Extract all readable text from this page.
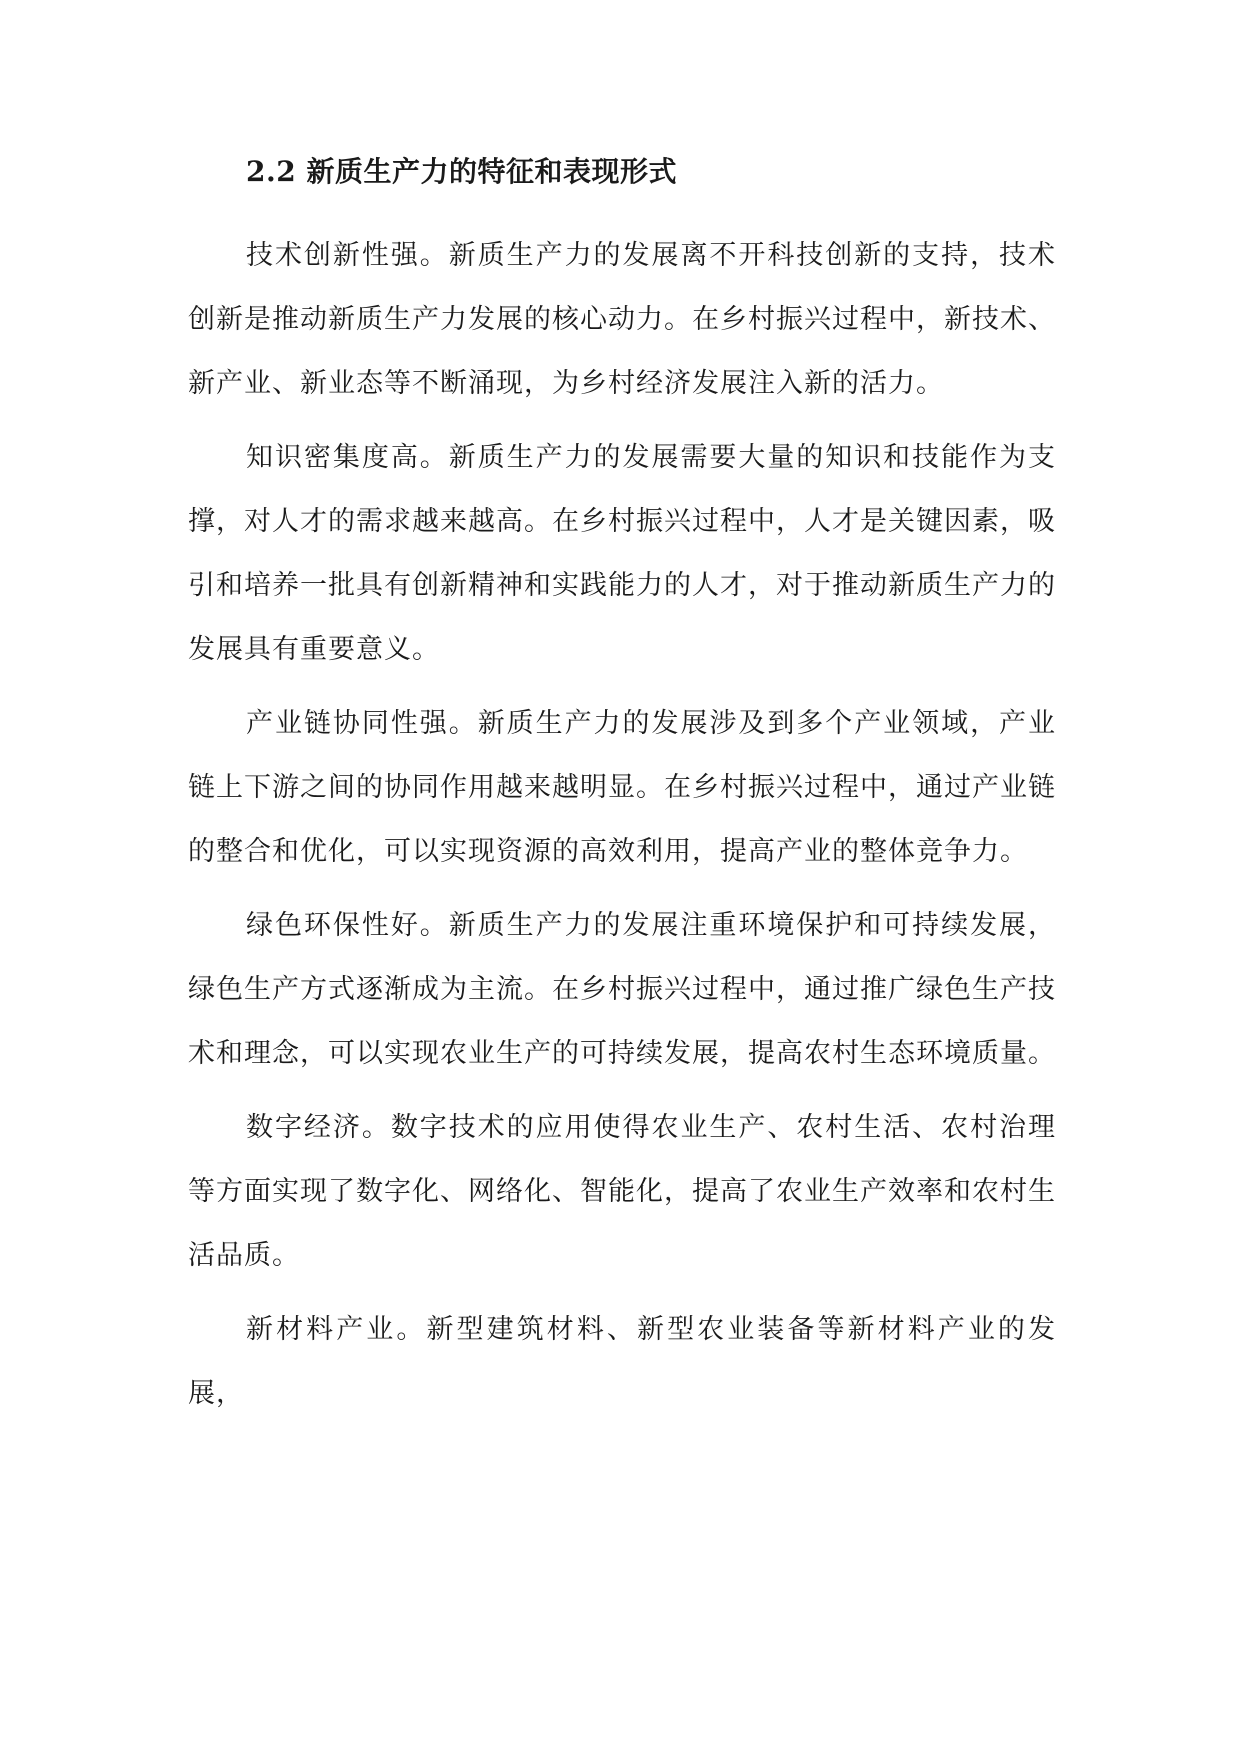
2.2 新质生产力的特征和表现形式

技术创新性强。新质生产力的发展离不开科技创新的支持，技术创新是推动新质生产力发展的核心动力。在乡村振兴过程中，新技术、新产业、新业态等不断涌现，为乡村经济发展注入新的活力。

知识密集度高。新质生产力的发展需要大量的知识和技能作为支撑，对人才的需求越来越高。在乡村振兴过程中，人才是关键因素，吸引和培养一批具有创新精神和实践能力的人才，对于推动新质生产力的发展具有重要意义。

产业链协同性强。新质生产力的发展涉及到多个产业领域，产业链上下游之间的协同作用越来越明显。在乡村振兴过程中，通过产业链的整合和优化，可以实现资源的高效利用，提高产业的整体竞争力。

绿色环保性好。新质生产力的发展注重环境保护和可持续发展，绿色生产方式逐渐成为主流。在乡村振兴过程中，通过推广绿色生产技术和理念，可以实现农业生产的可持续发展，提高农村生态环境质量。

数字经济。数字技术的应用使得农业生产、农村生活、农村治理等方面实现了数字化、网络化、智能化，提高了农业生产效率和农村生活品质。

新材料产业。新型建筑材料、新型农业装备等新材料产业的发展，
